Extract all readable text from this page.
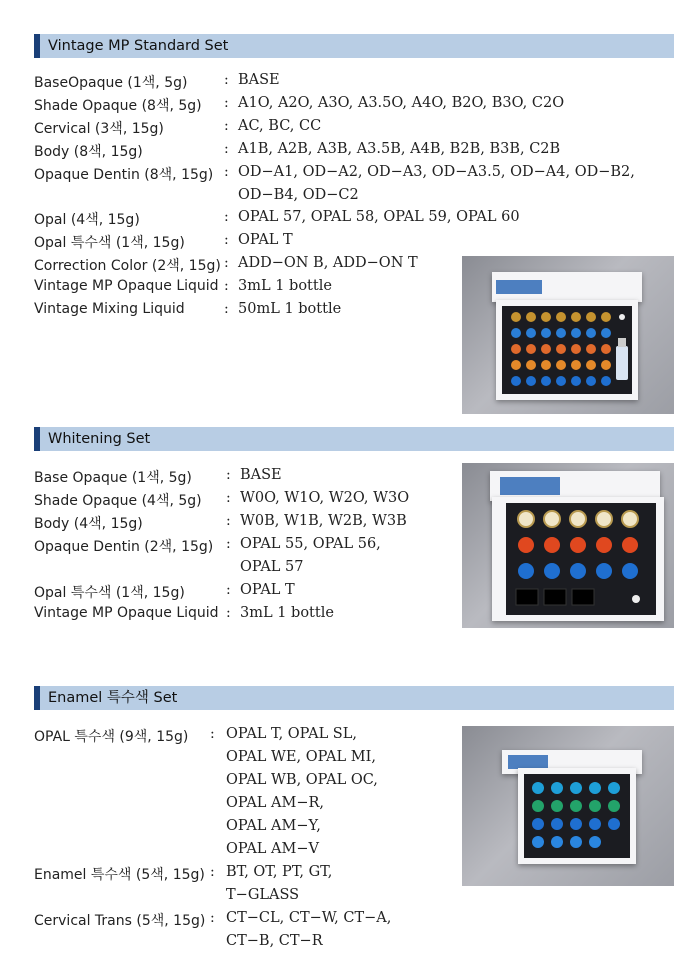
Vintage MP Standard Set
BaseOpaque (1색, 5g)	: BASE
Shade Opaque (8색, 5g) : A1O, A2O, A3O, A3.5O, A4O, B2O, B3O, C2O
Cervical (3색, 15g)	: AC, BC, CC
Body (8색, 15g)	: A1B, A2B, A3B, A3.5B, A4B, B2B, B3B, C2B
Opaque Dentin (8색, 15g) : OD−A1, OD−A2, OD−A3, OD−A3.5, OD−A4, OD−B2,
OD−B4, OD−C2
Opal (4색, 15g)	: OPAL 57, OPAL 58, OPAL 59, OPAL 60
Opal 특수색 (1색, 15g)	: OPAL T
Correction Color (2색, 15g) : ADD−ON B, ADD−ON T
Vintage MP Opaque Liquid : 3mL 1 bottle
Vintage Mixing Liquid	: 50mL 1 bottle
Whitening Set
Base Opaque (1색, 5g) : BASE
Shade Opaque (4색, 5g) : W0O, W1O, W2O, W3O
Body (4색, 15g)	: W0B, W1B, W2B, W3B
Opaque Dentin (2색, 15g) : OPAL 55, OPAL 56,
OPAL 57
Opal 특수색 (1색, 15g)	: OPAL T
Vintage MP Opaque Liquid : 3mL 1 bottle
Enamel 특수색 Set
OPAL 특수색 (9색, 15g) : OPAL T, OPAL SL,
OPAL WE, OPAL MI,
OPAL WB, OPAL OC,
OPAL AM−R,
OPAL AM−Y,
OPAL AM−V
Enamel 특수색 (5색, 15g) : BT, OT, PT, GT,
T−GLASS
Cervical Trans (5색, 15g) : CT−CL, CT−W, CT−A,
CT−B, CT−R
